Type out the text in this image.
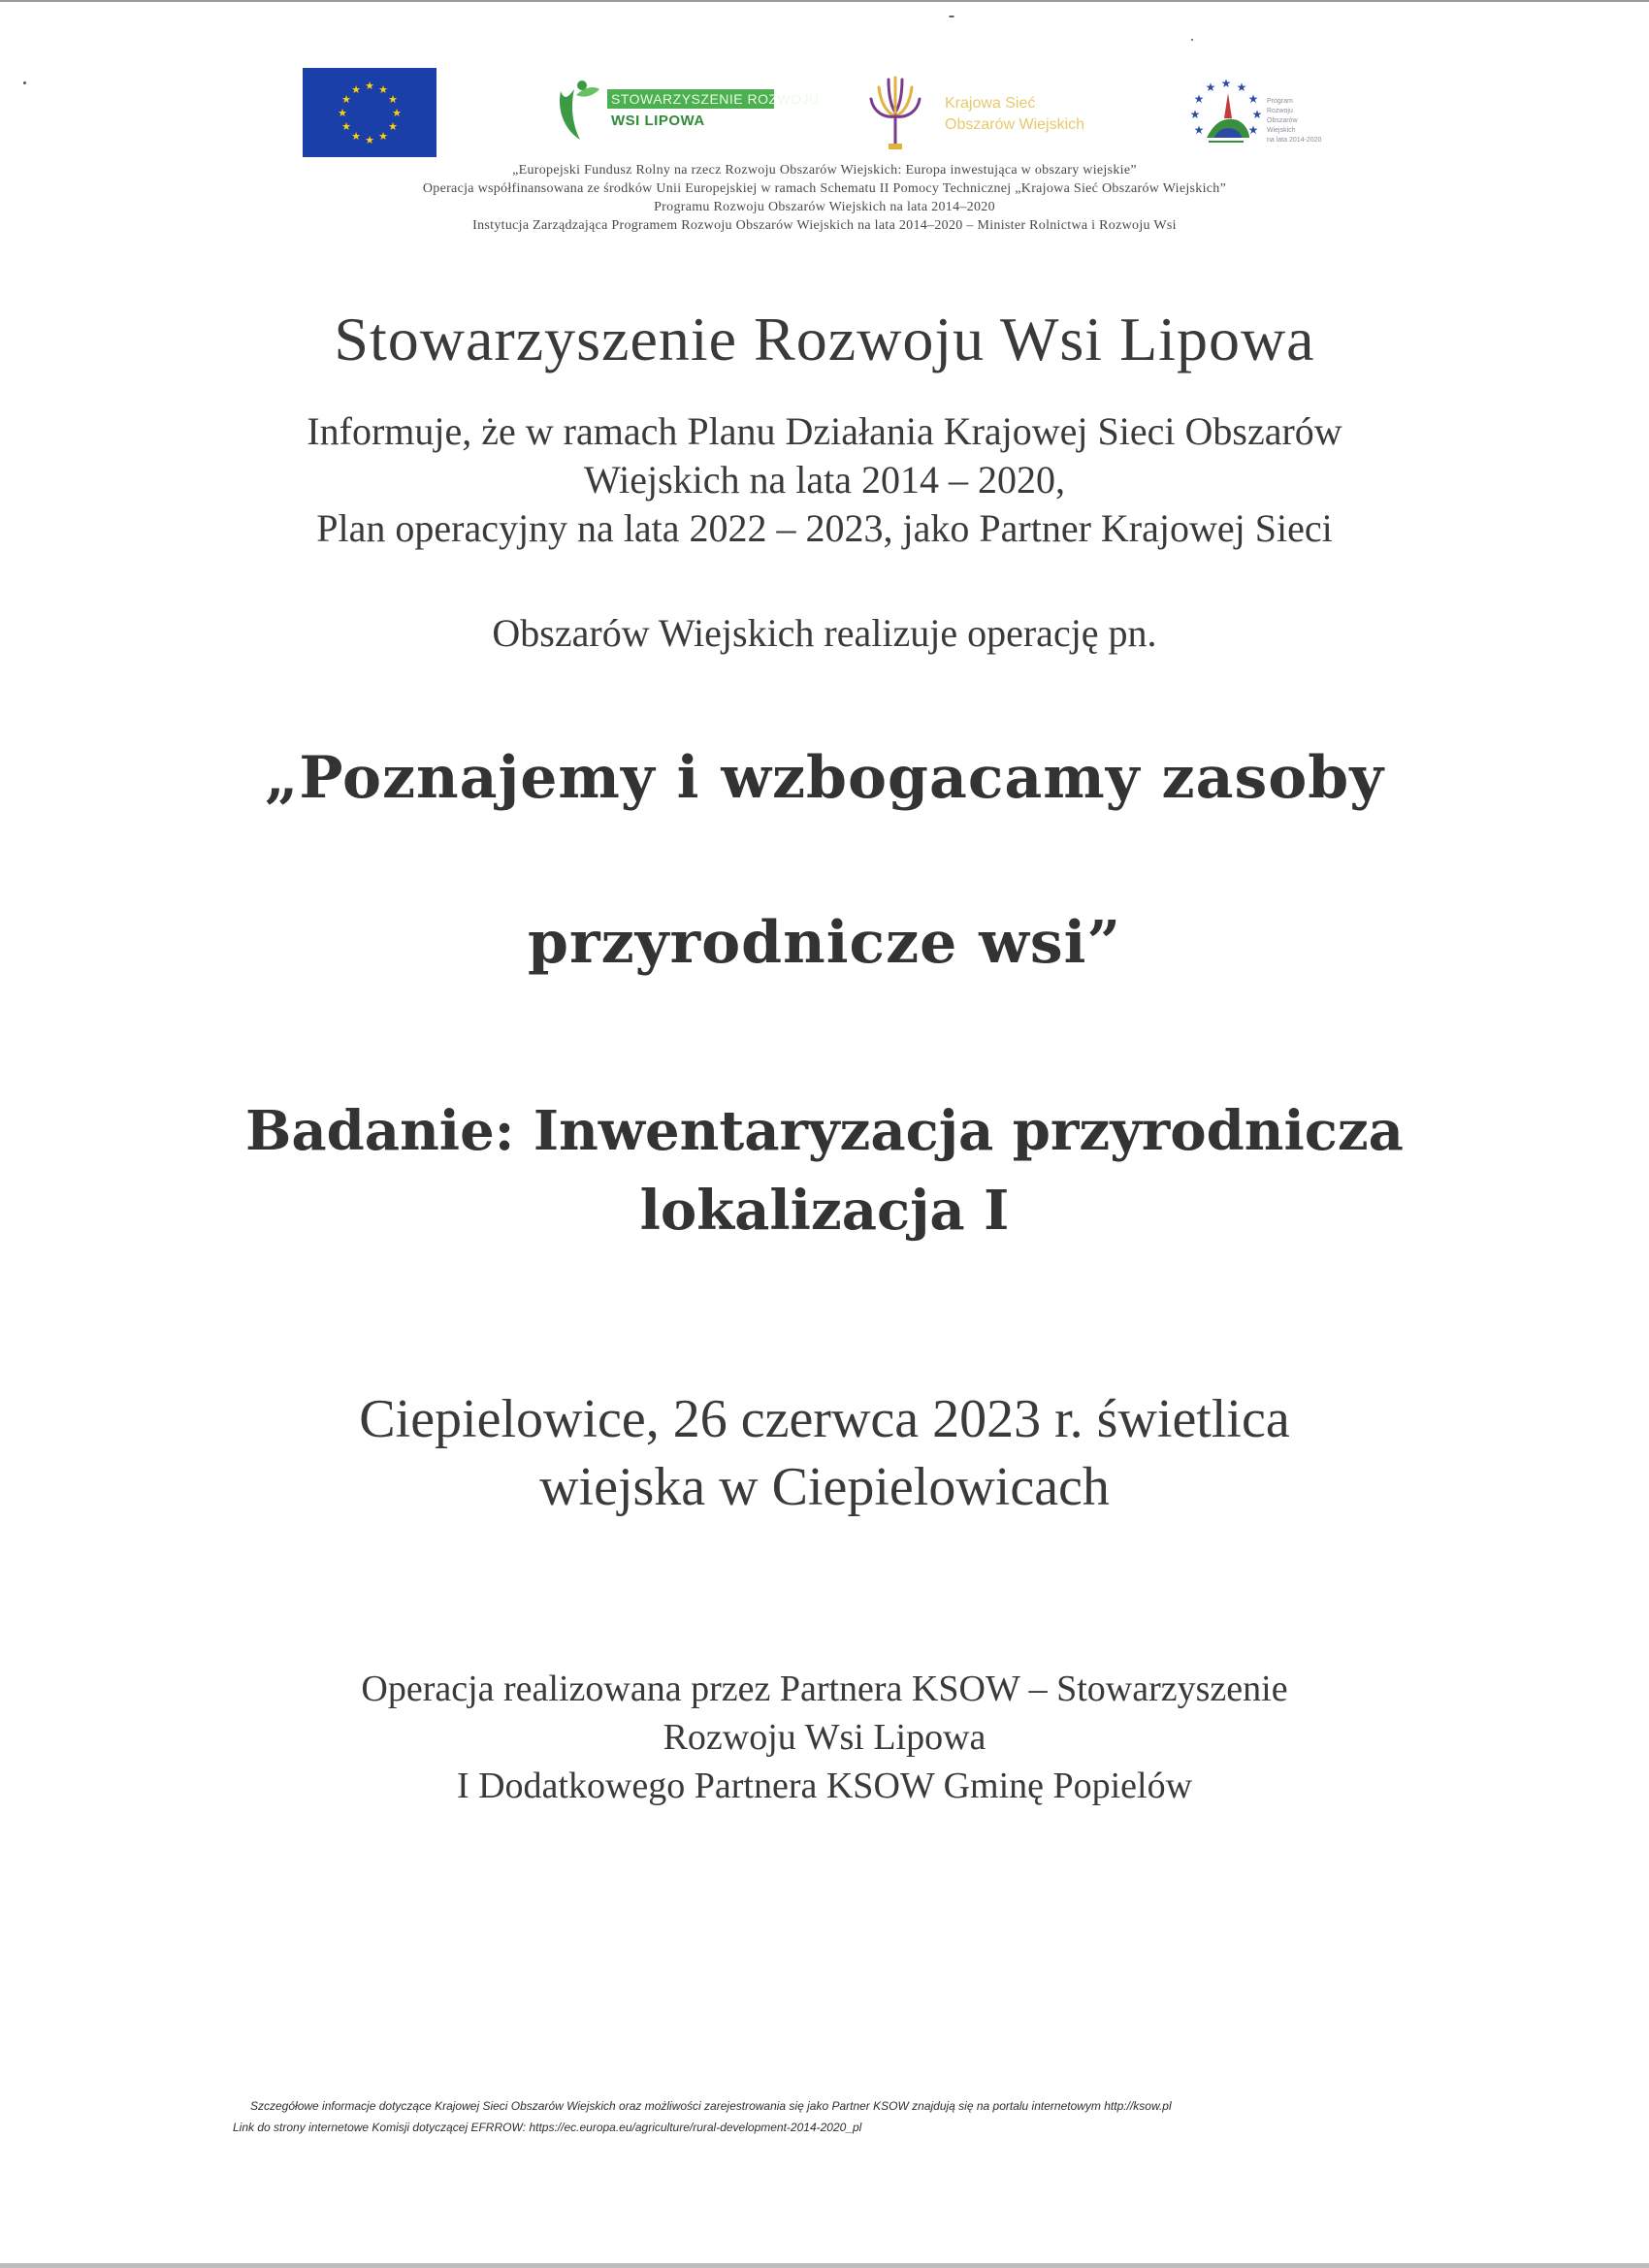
★ ★
★
★
★
★
★
★
★
★
★
★
STOWARZYSZENIE ROZWOJU
WSI LIPOWA
Krajowa Sieć
Obszarów Wiejskich
★ ★
★
★
★
★
★
★
★
Program
Rozwoju
Obszarów
Wiejskich
na lata 2014-2020
„Europejski Fundusz Rolny na rzecz Rozwoju Obszarów Wiejskich: Europa inwestująca w obszary wiejskie”
Operacja współfinansowana ze środków Unii Europejskiej w ramach Schematu II Pomocy Technicznej „Krajowa Sieć Obszarów Wiejskich”
Programu Rozwoju Obszarów Wiejskich na lata 2014–2020
Instytucja Zarządzająca Programem Rozwoju Obszarów Wiejskich na lata 2014–2020 – Minister Rolnictwa i Rozwoju Wsi
Stowarzyszenie Rozwoju Wsi Lipowa
Informuje, że w ramach Planu Działania Krajowej Sieci Obszarów
Wiejskich na lata 2014 – 2020,
Plan operacyjny na lata 2022 – 2023, jako Partner Krajowej Sieci
Obszarów Wiejskich realizuje operację pn.
„Poznajemy i wzbogacamy zasoby
przyrodnicze wsi”
Badanie: Inwentaryzacja przyrodnicza
lokalizacja I
Ciepielowice, 26 czerwca 2023 r. świetlica
wiejska w Ciepielowicach
Operacja realizowana przez Partnera KSOW – Stowarzyszenie
Rozwoju Wsi Lipowa
I Dodatkowego Partnera KSOW Gminę Popielów
Szczegółowe informacje dotyczące Krajowej Sieci Obszarów Wiejskich oraz możliwości zarejestrowania się jako Partner KSOW znajdują się na portalu internetowym http://ksow.pl
Link do strony internetowe Komisji dotyczącej EFRROW: https://ec.europa.eu/agriculture/rural-development-2014-2020_pl
